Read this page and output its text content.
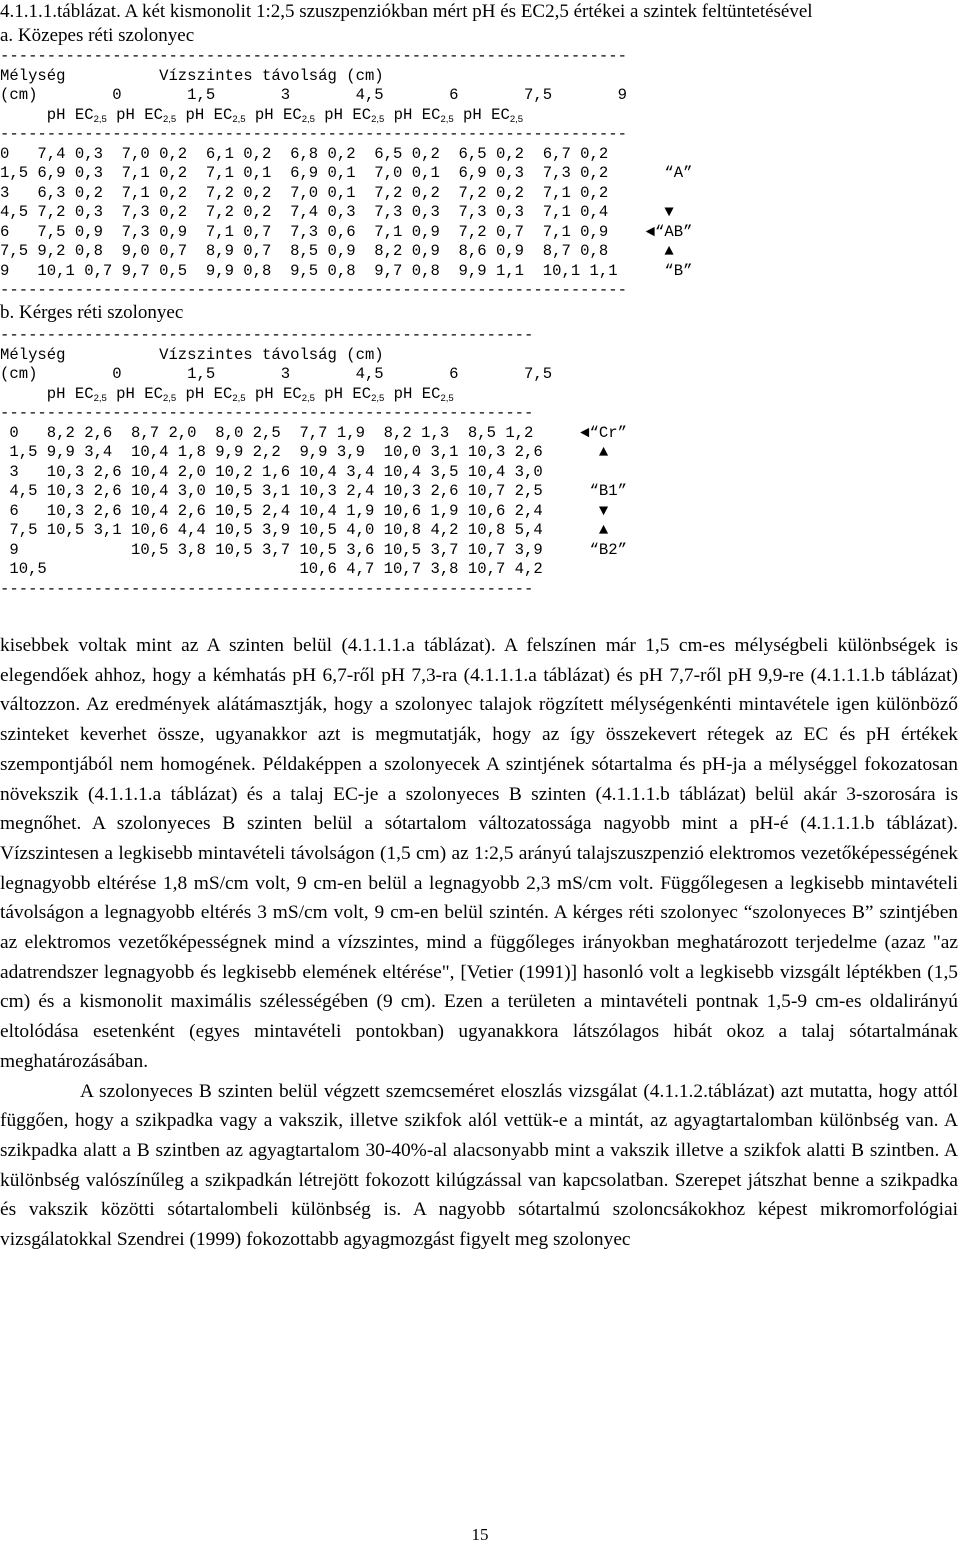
4.1.1.1.táblázat. A két kismonolit 1:2,5 szuszpenziókban mért pH és EC2,5 értékei a szintek feltüntetésével
a. Közepes réti szolonyec
-------------------------------------------------------------------
Mélység          Vízszintes távolság (cm)
(cm)        0       1,5       3       4,5       6       7,5       9
pH $EC_{2,5}$ pH $EC_{2,5}$ pH $EC_{2,5}$ pH $EC_{2,5}$ pH $EC_{2,5}$ pH $EC_{2,5}$ pH $EC_{2,5}$
-------------------------------------------------------------------
0   7,4 0,3  7,0 0,2  6,1 0,2  6,8 0,2  6,5 0,2  6,5 0,2  6,7 0,2
1,5 6,9 0,3  7,1 0,2  7,1 0,1  6,9 0,1  7,0 0,1  6,9 0,3  7,3 0,2      “A”
3   6,3 0,2  7,1 0,2  7,2 0,2  7,0 0,1  7,2 0,2  7,2 0,2  7,1 0,2
4,5 7,2 0,3  7,3 0,2  7,2 0,2  7,4 0,3  7,3 0,3  7,3 0,3  7,1 0,4      ▼
6   7,5 0,9  7,3 0,9  7,1 0,7  7,3 0,6  7,1 0,9  7,2 0,7  7,1 0,9    ◄“AB”
7,5 9,2 0,8  9,0 0,7  8,9 0,7  8,5 0,9  8,2 0,9  8,6 0,9  8,7 0,8      ▲
9   10,1 0,7 9,7 0,5  9,9 0,8  9,5 0,8  9,7 0,8  9,9 1,1  10,1 1,1     “B”
-------------------------------------------------------------------
b. Kérges réti szolonyec
---------------------------------------------------------
Mélység          Vízszintes távolság (cm)
(cm)        0       1,5       3       4,5       6       7,5
pH $EC_{2,5}$ pH $EC_{2,5}$ pH $EC_{2,5}$ pH $EC_{2,5}$ pH $EC_{2,5}$ pH $EC_{2,5}$
---------------------------------------------------------
0   8,2 2,6  8,7 2,0  8,0 2,5  7,7 1,9  8,2 1,3  8,5 1,2     ◄“Cr”
1,5 9,9 3,4  10,4 1,8 9,9 2,2  9,9 3,9  10,0 3,1 10,3 2,6      ▲
3   10,3 2,6 10,4 2,0 10,2 1,6 10,4 3,4 10,4 3,5 10,4 3,0
4,5 10,3 2,6 10,4 3,0 10,5 3,1 10,3 2,4 10,3 2,6 10,7 2,5     “B1”
6   10,3 2,6 10,4 2,6 10,5 2,4 10,4 1,9 10,6 1,9 10,6 2,4      ▼
7,5 10,5 3,1 10,6 4,4 10,5 3,9 10,5 4,0 10,8 4,2 10,8 5,4      ▲
9            10,5 3,8 10,5 3,7 10,5 3,6 10,5 3,7 10,7 3,9     “B2”
10,5                           10,6 4,7 10,7 3,8 10,7 4,2
---------------------------------------------------------

kisebbek voltak mint az A szinten belül (4.1.1.1.a táblázat). A felszínen már 1,5 cm-es mélységbeli különbségek is elegendőek ahhoz, hogy a kémhatás pH 6,7-ről pH 7,3-ra (4.1.1.1.a táblázat) és pH 7,7-ről pH 9,9-re (4.1.1.1.b táblázat) változzon. Az eredmények alátámasztják, hogy a szolonyec talajok rögzített mélységenkénti mintavétele igen különböző szinteket keverhet össze, ugyanakkor azt is megmutatják, hogy az így összekevert rétegek az EC és pH értékek szempontjából nem homogének. Példaképpen a szolonyecek A szintjének sótartalma és pH-ja a mélységgel fokozatosan növekszik (4.1.1.1.a táblázat) és a talaj EC-je a szolonyeces B szinten (4.1.1.1.b táblázat) belül akár 3-szorosára is megnőhet. A szolonyeces B szinten belül a sótartalom változatossága nagyobb mint a pH-é (4.1.1.1.b táblázat). Vízszintesen a legkisebb mintavételi távolságon (1,5 cm) az 1:2,5 arányú talajszuszpenzió elektromos vezetőképességének legnagyobb eltérése 1,8 mS/cm volt, 9 cm-en belül a legnagyobb 2,3 mS/cm volt. Függőlegesen a legkisebb mintavételi távolságon a legnagyobb eltérés 3 mS/cm volt, 9 cm-en belül szintén. A kérges réti szolonyec “szolonyeces B” szintjében az elektromos vezetőképességnek mind a vízszintes, mind a függőleges irányokban meghatározott terjedelme (azaz "az adatrendszer legnagyobb és legkisebb elemének eltérése", [Vetier (1991)] hasonló volt a legkisebb vizsgált léptékben (1,5 cm) és a kismonolit maximális szélességében (9 cm). Ezen a területen a mintavételi pontnak 1,5-9 cm-es oldalirányú eltolódása esetenként (egyes mintavételi pontokban) ugyanakkora látszólagos hibát okoz a talaj sótartalmának meghatározásában.

A szolonyeces B szinten belül végzett szemcseméret eloszlás vizsgálat (4.1.1.2.táblázat) azt mutatta, hogy attól függően, hogy a szikpadka vagy a vakszik, illetve szikfok alól vettük-e a mintát, az agyagtartalomban különbség van. A szikpadka alatt a B szintben az agyagtartalom 30-40%-al alacsonyabb mint a vakszik illetve a szikfok alatti B szintben. A különbség valószínűleg a szikpadkán létrejött fokozott kilúgzással van kapcsolatban. Szerepet játszhat benne a szikpadka és vakszik közötti sótartalombeli különbség is. A nagyobb sótartalmú szoloncsákokhoz képest mikromorfológiai vizsgálatokkal Szendrei (1999) fokozottabb agyagmozgást figyelt meg szolonyec

15
